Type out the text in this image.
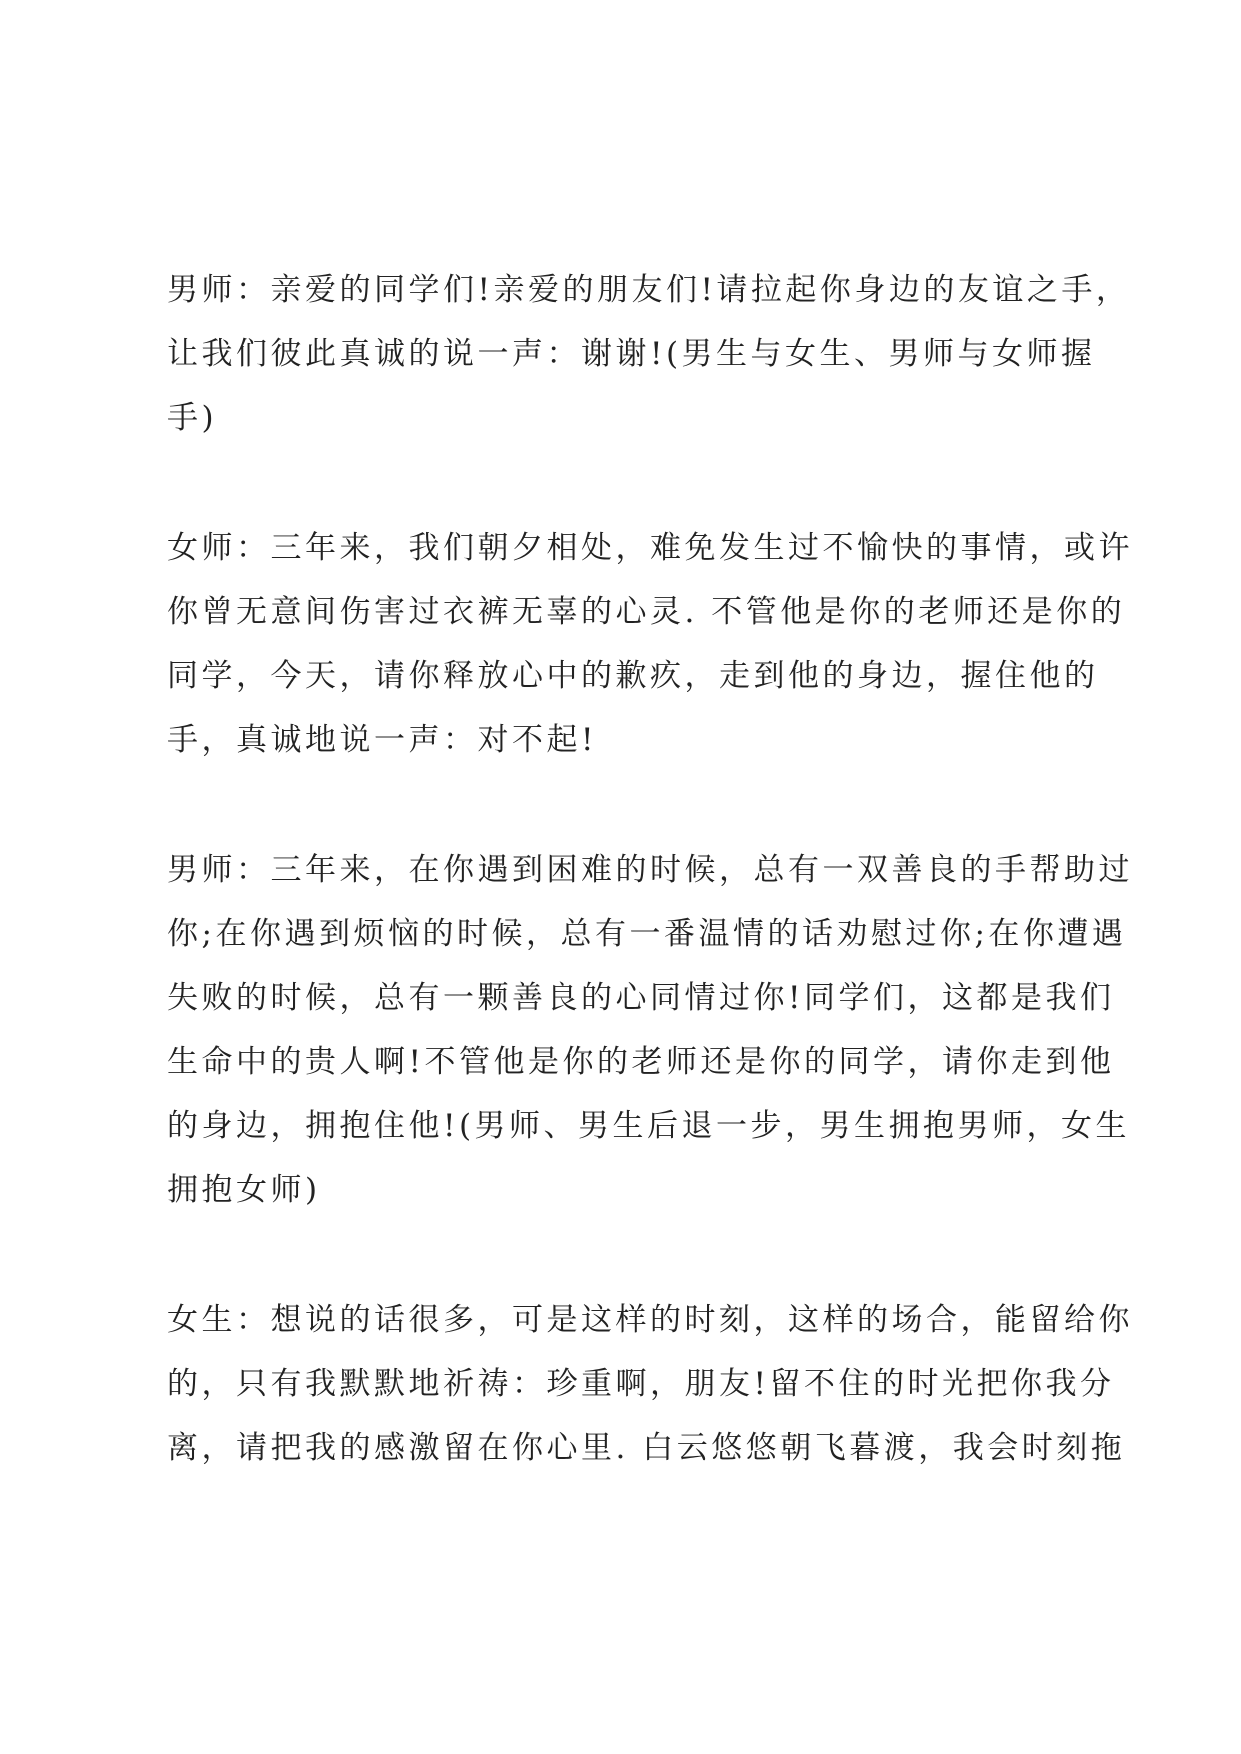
男师：亲爱的同学们!亲爱的朋友们!请拉起你身边的友谊之手，
让我们彼此真诚的说一声：谢谢!(男生与女生、男师与女师握
手)
女师：三年来，我们朝夕相处，难免发生过不愉快的事情，或许
你曾无意间伤害过衣裤无辜的心灵. 不管他是你的老师还是你的
同学，今天，请你释放心中的歉疚，走到他的身边，握住他的
手，真诚地说一声：对不起!
男师：三年来，在你遇到困难的时候，总有一双善良的手帮助过
你;在你遇到烦恼的时候，总有一番温情的话劝慰过你;在你遭遇
失败的时候，总有一颗善良的心同情过你!同学们，这都是我们
生命中的贵人啊!不管他是你的老师还是你的同学，请你走到他
的身边，拥抱住他!(男师、男生后退一步，男生拥抱男师，女生
拥抱女师)
女生：想说的话很多，可是这样的时刻，这样的场合，能留给你
的，只有我默默地祈祷：珍重啊，朋友!留不住的时光把你我分
离，请把我的感激留在你心里. 白云悠悠朝飞暮渡，我会时刻拖
